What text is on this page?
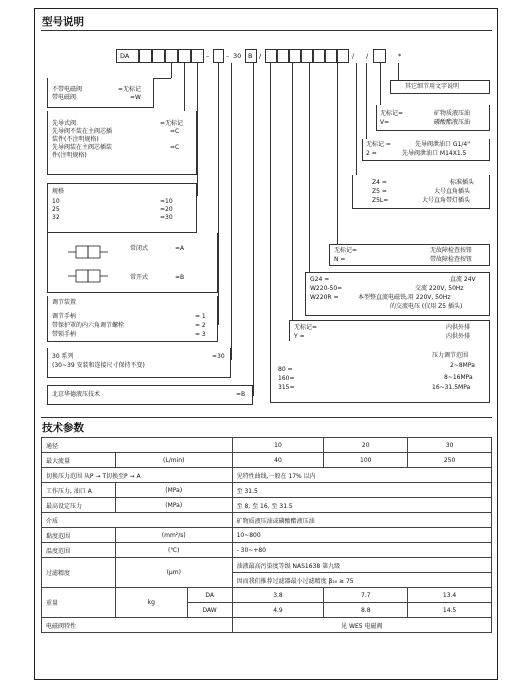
型号说明
DA	–	– 30 B /	/ /	*
不带电磁阀
带电磁阀
=无标记
=W
先导式阀
先导阀不装在主阀芯插
装件(不注明规格)
先导阀装在主阀芯插装
件(注明规格)
=无标记
=C
=C
规格
10	=10
25	=20
32	=30
常闭式	=A
常开式	=B
调节装置
调节手柄	= 1
带保护罩的内六角调节螺栓	= 2
带锁手柄	= 3
30 系列	=30
(30~39 安装和连接尺寸保持不变)
北京华德液压技术	=B
其它细节用文字说明
无标记=	矿物质液压油
V=	磷酸酯液压油
无标记 =	先导阀泄油口 G1/4"
2 =	先导阀泄油口 M14X1.5
Z4 =	标准插头
Z5 =	大号直角插头
Z5L=	大号直角带灯插头
无标记=	无故障检查按钮
N =	带故障检查按钮
G24 =	直流 24V
W220-50=	交流 220V, 50Hz
W220R =	本型整直流电磁铁,用 220V, 50Hz
的交流电压 (仅用 Z5 插头)
无标记=	内供外排
Y =	内供外排
压力调节范围
2~8MPa
80 =
160=	8~16MPa
315=	16~31.5MPa
技术参数
通径			10	20	30
最大流量	(L/min)		40	100	250
切换压力范围 从P → T切换至P → A			见特性曲线,一般在 17% 以内		
工作压力, 油口 A	(MPa)		至 31.5		
最高设定压力	(MPa)		至 8, 至 16, 至 31.5		
介质			矿物质液压油或磷酸酯液压油		
黏度范围	(mm²/s)		10~800		
温度范围	(℃)		- 30~+80		
过滤精度	(μm)		油液最高污染度等级 NAS1638 第九级		
			因而我们推荐过滤器最小过滤精度 β₂₀ ≥ 75		
重量	kg	DA	3.8	7.7	13.4
		DAW	4.9	8.8	14.5
电磁阀特性			见 WE5 电磁阀		
